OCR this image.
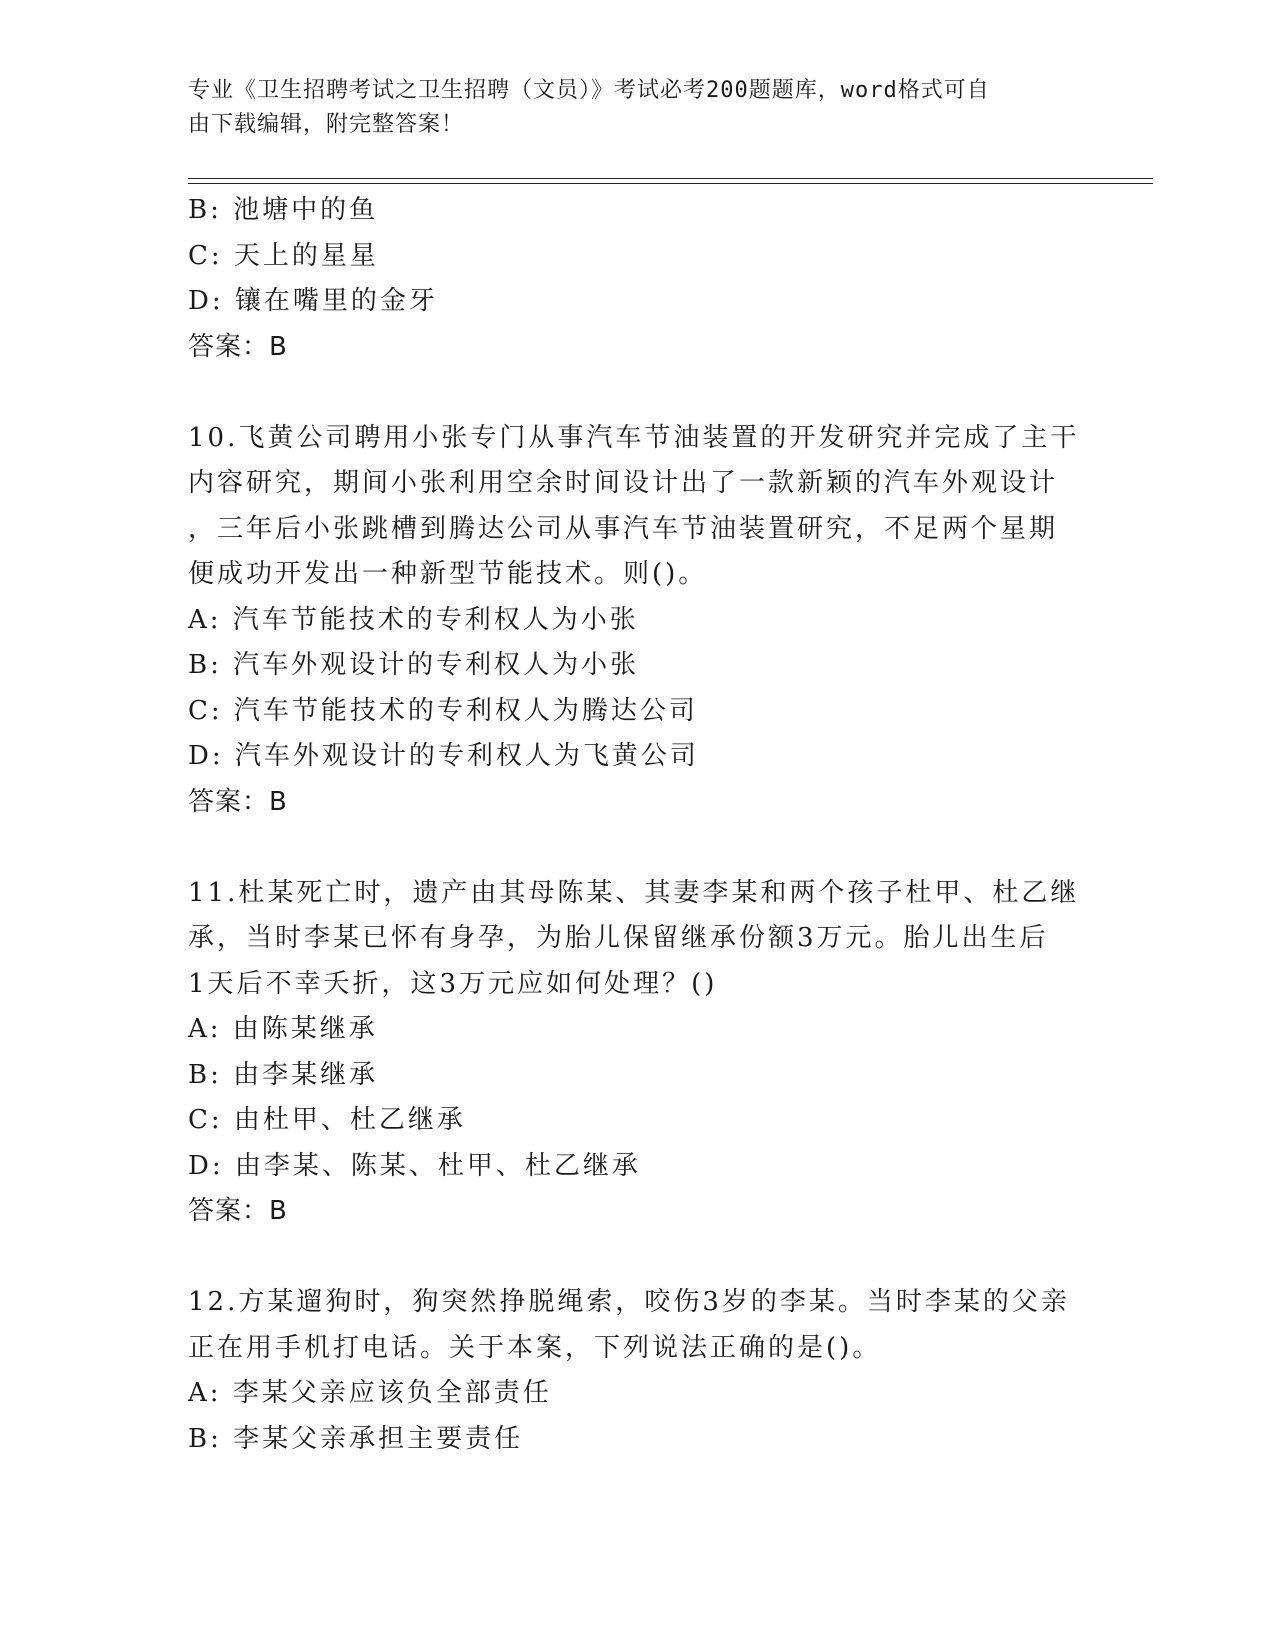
专业《卫生招聘考试之卫生招聘（文员）》考试必考200题题库，word格式可自
由下载编辑，附完整答案！
B: 池塘中的鱼
C: 天上的星星
D: 镶在嘴里的金牙
答案：B
10.飞黄公司聘用小张专门从事汽车节油装置的开发研究并完成了主干
内容研究，期间小张利用空余时间设计出了一款新颖的汽车外观设计
，三年后小张跳槽到腾达公司从事汽车节油装置研究，不足两个星期
便成功开发出一种新型节能技术。则()。
A: 汽车节能技术的专利权人为小张
B: 汽车外观设计的专利权人为小张
C: 汽车节能技术的专利权人为腾达公司
D: 汽车外观设计的专利权人为飞黄公司
答案：B
11.杜某死亡时，遗产由其母陈某、其妻李某和两个孩子杜甲、杜乙继
承，当时李某已怀有身孕，为胎儿保留继承份额3万元。胎儿出生后
1天后不幸夭折，这3万元应如何处理？()
A: 由陈某继承
B: 由李某继承
C: 由杜甲、杜乙继承
D: 由李某、陈某、杜甲、杜乙继承
答案：B
12.方某遛狗时，狗突然挣脱绳索，咬伤3岁的李某。当时李某的父亲
正在用手机打电话。关于本案，下列说法正确的是()。
A: 李某父亲应该负全部责任
B: 李某父亲承担主要责任
